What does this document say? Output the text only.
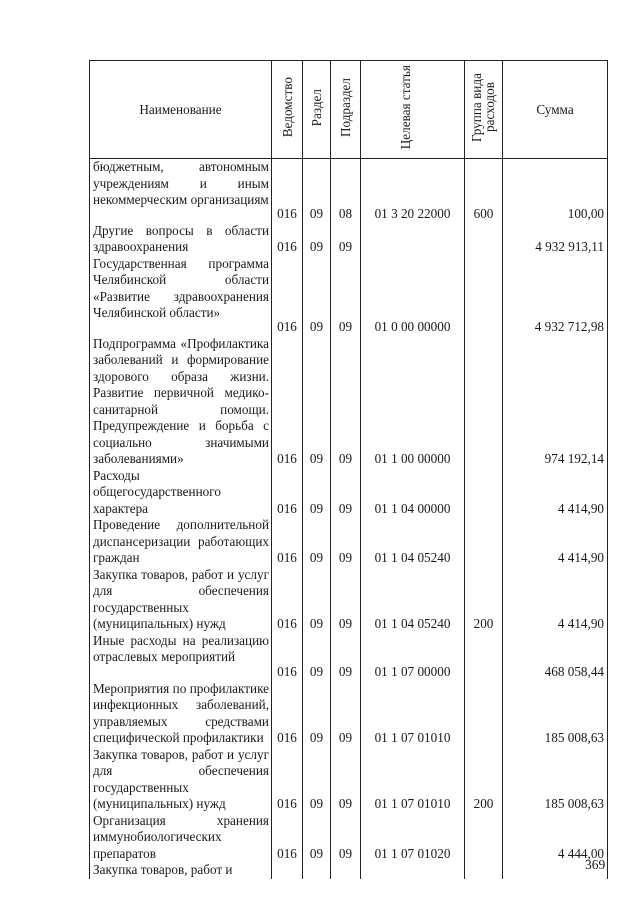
Наименование	Ведомство	Раздел	Подраздел	Целевая статья	Группа вида расходов	Сумма
бюджетным, автономным учреждениям и иным некоммерческим организациям	016	09	08	01 3 20 22000	600	100,00
Другие вопросы в области здравоохранения	016	09	09			4 932 913,11
Государственная программа Челябинской области «Развитие здравоохранения Челябинской области»	016	09	09	01 0 00 00000		4 932 712,98
Подпрограмма «Профилактика заболеваний и формирование здорового образа жизни. Развитие первичной медико-санитарной помощи. Предупреждение и борьба с социально значимыми заболеваниями»	016	09	09	01 1 00 00000		974 192,14
Расходы общегосударственного характера	016	09	09	01 1 04 00000		4 414,90
Проведение дополнительной диспансеризации работающих граждан	016	09	09	01 1 04 05240		4 414,90
Закупка товаров, работ и услуг для обеспечения государственных (муниципальных) нужд	016	09	09	01 1 04 05240	200	4 414,90
Иные расходы на реализацию отраслевых мероприятий	016	09	09	01 1 07 00000		468 058,44
Мероприятия по профилактике инфекционных заболеваний, управляемых средствами специфической профилактики	016	09	09	01 1 07 01010		185 008,63
Закупка товаров, работ и услуг для обеспечения государственных (муниципальных) нужд	016	09	09	01 1 07 01010	200	185 008,63
Организация хранения иммунобиологических препаратов	016	09	09	01 1 07 01020		4 444,00
Закупка товаров, работ и							369
